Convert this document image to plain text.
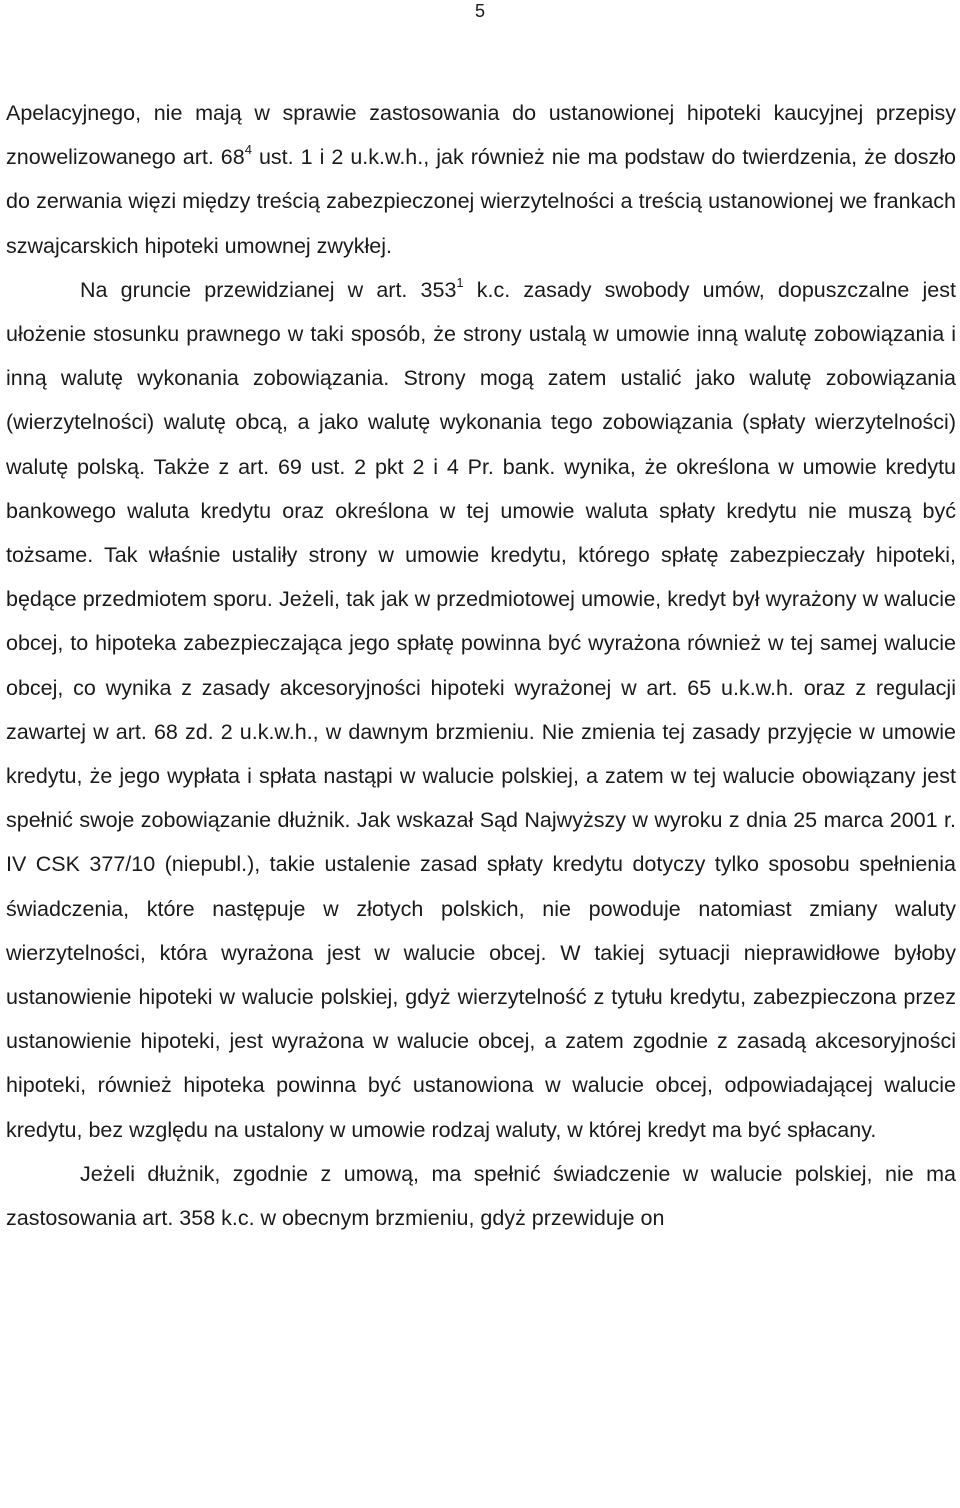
5

Apelacyjnego, nie mają w sprawie zastosowania do ustanowionej hipoteki kaucyjnej przepisy znowelizowanego art. $68^4$ ust. 1 i 2 u.k.w.h., jak również nie ma podstaw do twierdzenia, że doszło do zerwania więzi między treścią zabezpieczonej wierzytelności a treścią ustanowionej we frankach szwajcarskich hipoteki umownej zwykłej.

Na gruncie przewidzianej w art. $353^1$ k.c. zasady swobody umów, dopuszczalne jest ułożenie stosunku prawnego w taki sposób, że strony ustalą w umowie inną walutę zobowiązania i inną walutę wykonania zobowiązania. Strony mogą zatem ustalić jako walutę zobowiązania (wierzytelności) walutę obcą, a jako walutę wykonania tego zobowiązania (spłaty wierzytelności) walutę polską. Także z art. 69 ust. 2 pkt 2 i 4 Pr. bank. wynika, że określona w umowie kredytu bankowego waluta kredytu oraz określona w tej umowie waluta spłaty kredytu nie muszą być tożsame. Tak właśnie ustaliły strony w umowie kredytu, którego spłatę zabezpieczały hipoteki, będące przedmiotem sporu. Jeżeli, tak jak w przedmiotowej umowie, kredyt był wyrażony w walucie obcej, to hipoteka zabezpieczająca jego spłatę powinna być wyrażona również w tej samej walucie obcej, co wynika z zasady akcesoryjności hipoteki wyrażonej w art. 65 u.k.w.h. oraz z regulacji zawartej w art. 68 zd. 2 u.k.w.h., w dawnym brzmieniu. Nie zmienia tej zasady przyjęcie w umowie kredytu, że jego wypłata i spłata nastąpi w walucie polskiej, a zatem w tej walucie obowiązany jest spełnić swoje zobowiązanie dłużnik. Jak wskazał Sąd Najwyższy w wyroku z dnia 25 marca 2001 r. IV CSK 377/10 (niepubl.), takie ustalenie zasad spłaty kredytu dotyczy tylko sposobu spełnienia świadczenia, które następuje w złotych polskich, nie powoduje natomiast zmiany waluty wierzytelności, która wyrażona jest w walucie obcej. W takiej sytuacji nieprawidłowe byłoby ustanowienie hipoteki w walucie polskiej, gdyż wierzytelność z tytułu kredytu, zabezpieczona przez ustanowienie hipoteki, jest wyrażona w walucie obcej, a zatem zgodnie z zasadą akcesoryjności hipoteki, również hipoteka powinna być ustanowiona w walucie obcej, odpowiadającej walucie kredytu, bez względu na ustalony w umowie rodzaj waluty, w której kredyt ma być spłacany.

Jeżeli dłużnik, zgodnie z umową, ma spełnić świadczenie w walucie polskiej, nie ma zastosowania art. 358 k.c. w obecnym brzmieniu, gdyż przewiduje on
